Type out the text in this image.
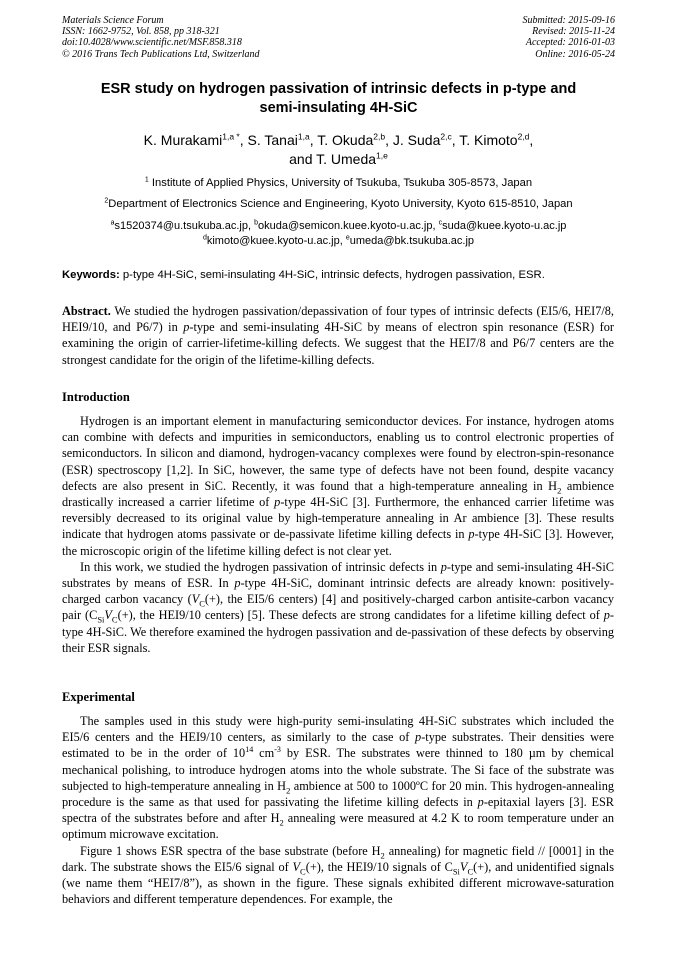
Materials Science Forum
ISSN: 1662-9752, Vol. 858, pp 318-321
doi:10.4028/www.scientific.net/MSF.858.318
© 2016 Trans Tech Publications Ltd, Switzerland
Submitted: 2015-09-16
Revised: 2015-11-24
Accepted: 2016-01-03
Online: 2016-05-24
ESR study on hydrogen passivation of intrinsic defects in p-type and
semi-insulating 4H-SiC
K. Murakami$^{1,a *}$, S. Tanai$^{1,a}$, T. Okuda$^{2,b}$, J. Suda$^{2,c}$, T. Kimoto$^{2,d}$,
and T. Umeda$^{1,e}$
$^1$ Institute of Applied Physics, University of Tsukuba, Tsukuba 305-8573, Japan
$^2$Department of Electronics Science and Engineering, Kyoto University, Kyoto 615-8510, Japan
$^a$s1520374@u.tsukuba.ac.jp, $^b$okuda@semicon.kuee.kyoto-u.ac.jp, $^c$suda@kuee.kyoto-u.ac.jp
$^d$kimoto@kuee.kyoto-u.ac.jp, $^e$umeda@bk.tsukuba.ac.jp
Keywords: p-type 4H-SiC, semi-insulating 4H-SiC, intrinsic defects, hydrogen passivation, ESR.

Abstract. We studied the hydrogen passivation/depassivation of four types of intrinsic defects (EI5/6, HEI7/8, HEI9/10, and P6/7) in p-type and semi-insulating 4H-SiC by means of electron spin resonance (ESR) for examining the origin of carrier-lifetime-killing defects. We suggest that the HEI7/8 and P6/7 centers are the strongest candidate for the origin of the lifetime-killing defects.

Introduction

Hydrogen is an important element in manufacturing semiconductor devices. For instance, hydrogen atoms can combine with defects and impurities in semiconductors, enabling us to control electronic properties of semiconductors. In silicon and diamond, hydrogen-vacancy complexes were found by electron-spin-resonance (ESR) spectroscopy [1,2]. In SiC, however, the same type of defects have not been found, despite vacancy defects are also present in SiC. Recently, it was found that a high-temperature annealing in $H_2$ ambience drastically increased a carrier lifetime of p-type 4H-SiC [3]. Furthermore, the enhanced carrier lifetime was reversibly decreased to its original value by high-temperature annealing in Ar ambience [3]. These results indicate that hydrogen atoms passivate or de-passivate lifetime killing defects in p-type 4H-SiC [3]. However, the microscopic origin of the lifetime killing defect is not clear yet.

In this work, we studied the hydrogen passivation of intrinsic defects in p-type and semi-insulating 4H-SiC substrates by means of ESR. In p-type 4H-SiC, dominant intrinsic defects are already known: positively-charged carbon vacancy ($V_C(+)$, the EI5/6 centers) [4] and positively-charged carbon antisite-carbon vacancy pair ($C_{Si}V_C(+)$, the HEI9/10 centers) [5]. These defects are strong candidates for a lifetime killing defect of p-type 4H-SiC. We therefore examined the hydrogen passivation and de-passivation of these defects by observing their ESR signals.

Experimental

The samples used in this study were high-purity semi-insulating 4H-SiC substrates which included the EI5/6 centers and the HEI9/10 centers, as similarly to the case of p-type substrates. Their densities were estimated to be in the order of $10^{14}$ $cm^{-3}$ by ESR. The substrates were thinned to 180 µm by chemical mechanical polishing, to introduce hydrogen atoms into the whole substrate. The Si face of the substrate was subjected to high-temperature annealing in $H_2$ ambience at 500 to 1000ºC for 20 min. This hydrogen-annealing procedure is the same as that used for passivating the lifetime killing defects in p-epitaxial layers [3]. ESR spectra of the substrates before and after $H_2$ annealing were measured at 4.2 K to room temperature under an optimum microwave excitation.

Figure 1 shows ESR spectra of the base substrate (before $H_2$ annealing) for magnetic field // [0001] in the dark. The substrate shows the EI5/6 signal of $V_C(+)$, the HEI9/10 signals of $C_{Si}V_C(+)$, and unidentified signals (we name them “HEI7/8”), as shown in the figure. These signals exhibited different microwave-saturation behaviors and different temperature dependences. For example, the
